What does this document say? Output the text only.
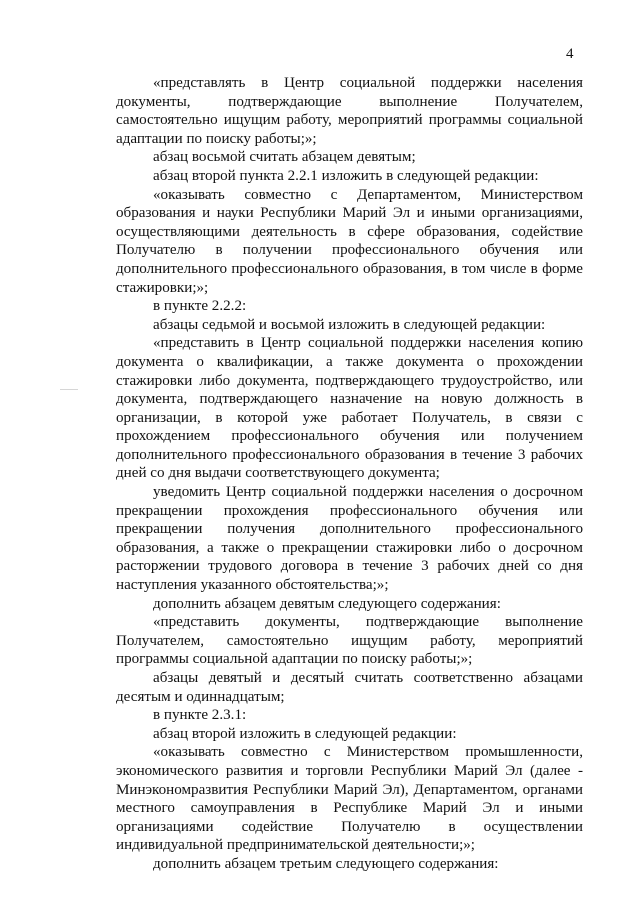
4

«представлять в Центр социальной поддержки населения документы, подтверждающие выполнение Получателем, самостоятельно ищущим работу, мероприятий программы социальной адаптации по поиску работы;»;

абзац восьмой считать абзацем девятым;

абзац второй пункта 2.2.1 изложить в следующей редакции:

«оказывать совместно с Департаментом, Министерством образования и науки Республики Марий Эл и иными организациями, осуществляющими деятельность в сфере образования, содействие Получателю в получении профессионального обучения или дополнительного профессионального образования, в том числе в форме стажировки;»;

в пункте 2.2.2:

абзацы седьмой и восьмой изложить в следующей редакции:

«представить в Центр социальной поддержки населения копию документа о квалификации, а также документа о прохождении стажировки либо документа, подтверждающего трудоустройство, или документа, подтверждающего назначение на новую должность в организации, в которой уже работает Получатель, в связи с прохождением профессионального обучения или получением дополнительного профессионального образования в течение 3 рабочих дней со дня выдачи соответствующего документа;

уведомить Центр социальной поддержки населения о досрочном прекращении прохождения профессионального обучения или прекращении получения дополнительного профессионального образования, а также о прекращении стажировки либо о досрочном расторжении трудового договора в течение 3 рабочих дней со дня наступления указанного обстоятельства;»;

дополнить абзацем девятым следующего содержания:

«представить документы, подтверждающие выполнение Получателем, самостоятельно ищущим работу, мероприятий программы социальной адаптации по поиску работы;»;

абзацы девятый и десятый считать соответственно абзацами десятым и одиннадцатым;

в пункте 2.3.1:

абзац второй изложить в следующей редакции:

«оказывать совместно с Министерством промышленности, экономического развития и торговли Республики Марий Эл (далее - Минэкономразвития Республики Марий Эл), Департаментом, органами местного самоуправления в Республике Марий Эл и иными организациями содействие Получателю в осуществлении индивидуальной предпринимательской деятельности;»;

дополнить абзацем третьим следующего содержания:
